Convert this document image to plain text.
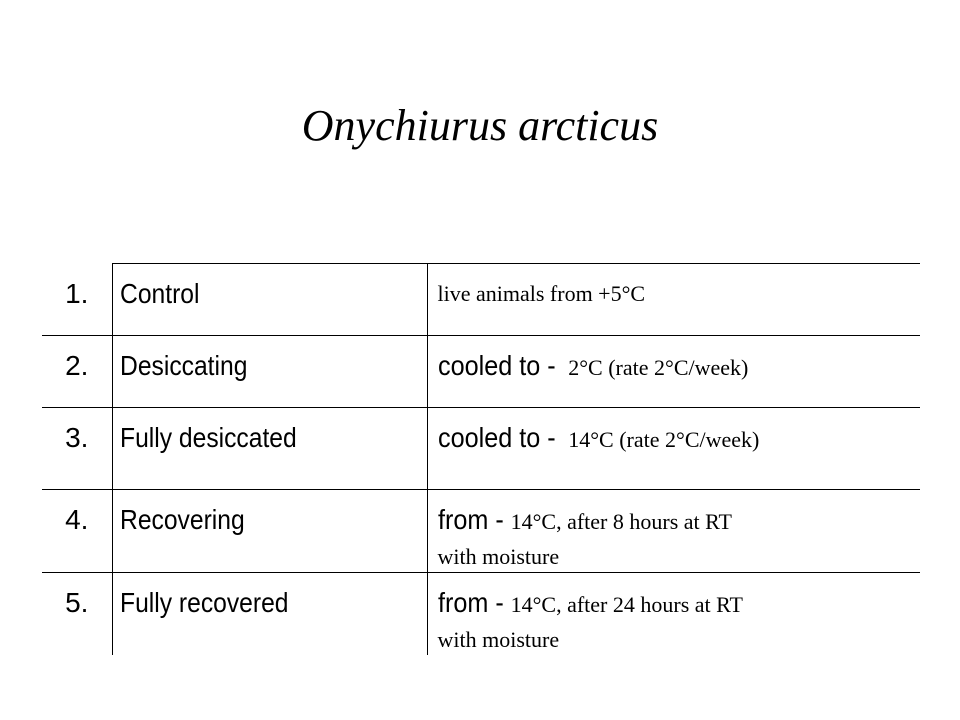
Onychiurus arcticus
1.	Control	live animals from +5°C

2.	Desiccating	cooled to - 2°C (rate 2°C/week)

3.	Fully desiccated	cooled to - 14°C (rate 2°C/week)

4.	Recovering	from -14°C, after 8 hours at RT
with moisture

5.	Fully recovered	from -14°C, after 24 hours at RT
with moisture
